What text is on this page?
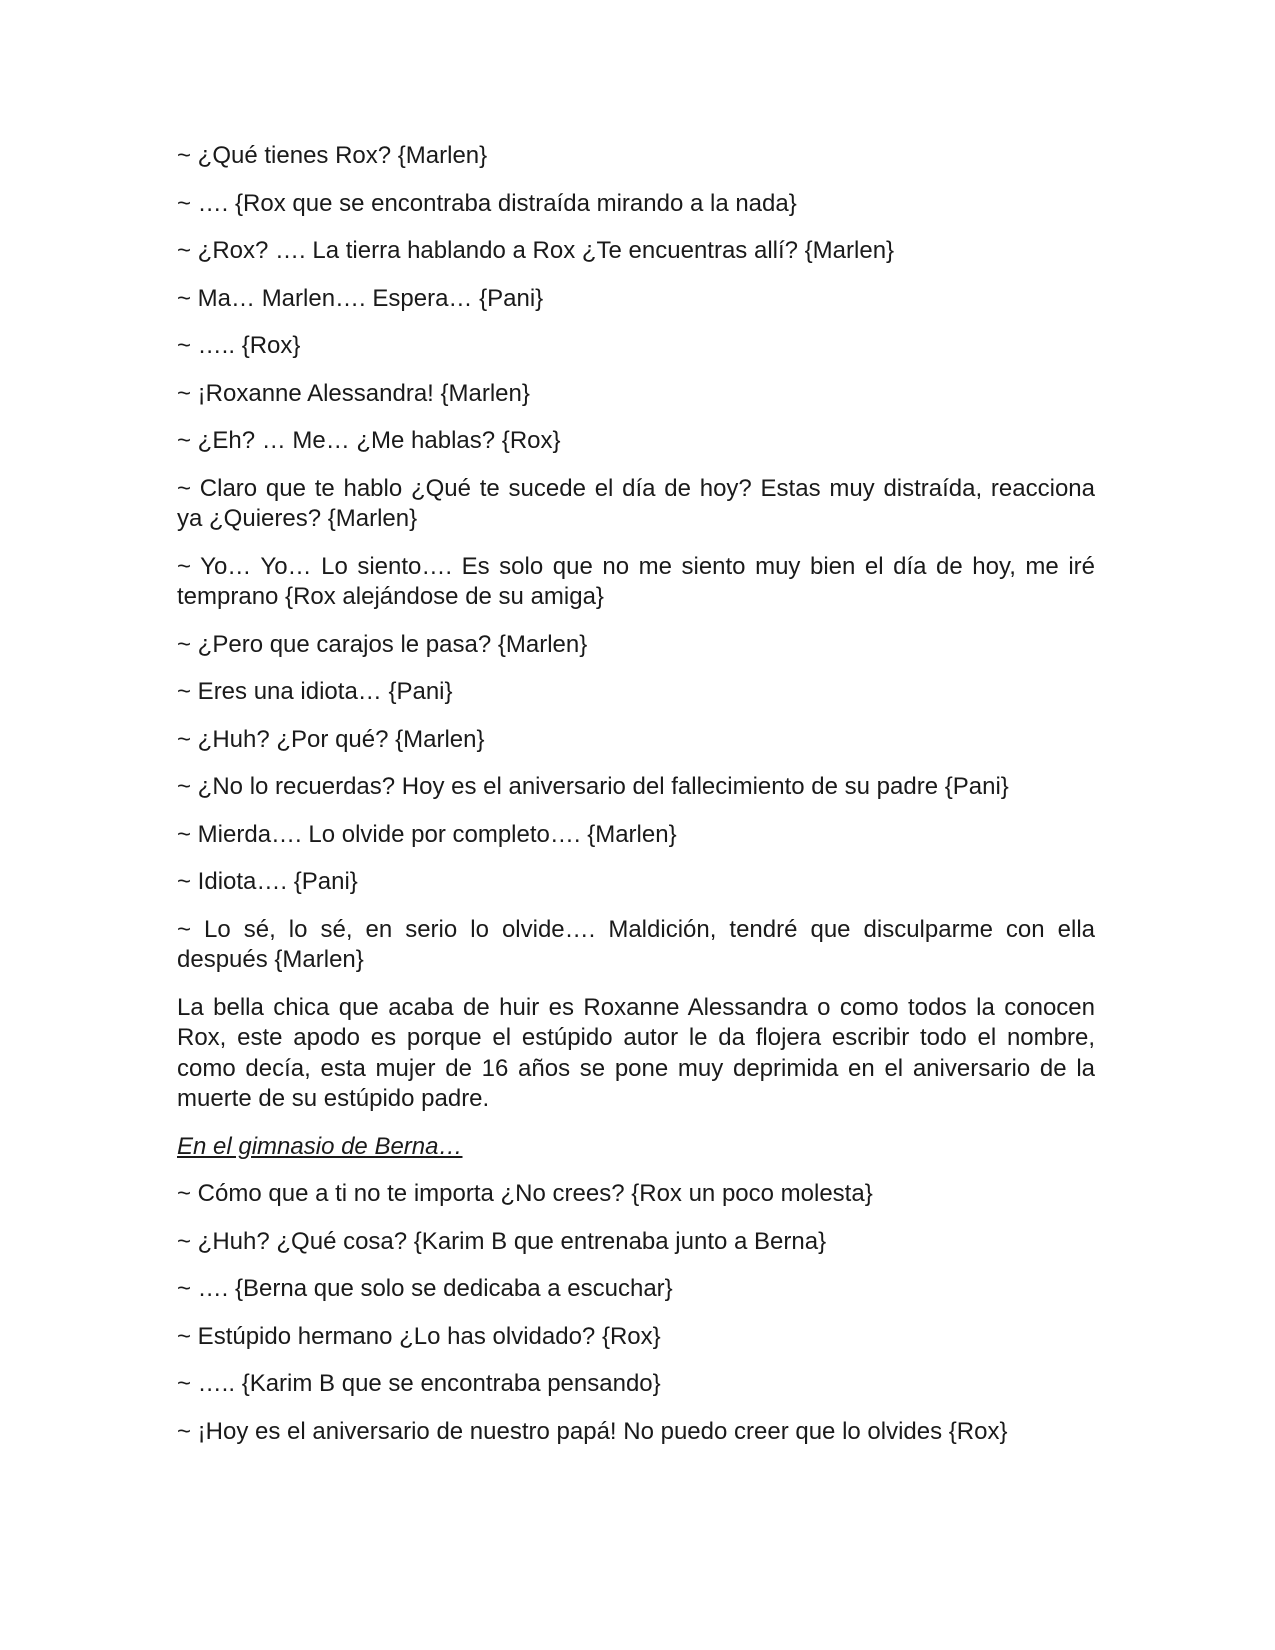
~ ¿Qué tienes Rox? {Marlen}

~ …. {Rox que se encontraba distraída mirando a la nada}

~ ¿Rox? …. La tierra hablando a Rox ¿Te encuentras allí? {Marlen}

~ Ma… Marlen…. Espera… {Pani}

~ ….. {Rox}

~ ¡Roxanne Alessandra! {Marlen}

~ ¿Eh? … Me… ¿Me hablas? {Rox}

~ Claro que te hablo ¿Qué te sucede el día de hoy? Estas muy distraída, reacciona ya ¿Quieres? {Marlen}

~ Yo… Yo… Lo siento…. Es solo que no me siento muy bien el día de hoy, me iré temprano {Rox alejándose de su amiga}

~ ¿Pero que carajos le pasa? {Marlen}

~ Eres una idiota… {Pani}

~ ¿Huh? ¿Por qué? {Marlen}

~ ¿No lo recuerdas? Hoy es el aniversario del fallecimiento de su padre {Pani}

~ Mierda…. Lo olvide por completo…. {Marlen}

~ Idiota…. {Pani}

~ Lo sé, lo sé, en serio lo olvide…. Maldición, tendré que disculparme con ella después {Marlen}

La bella chica que acaba de huir es Roxanne Alessandra o como todos la conocen Rox, este apodo es porque el estúpido autor le da flojera escribir todo el nombre, como decía, esta mujer de 16 años se pone muy deprimida en el aniversario de la muerte de su estúpido padre.

En el gimnasio de Berna…

~ Cómo que a ti no te importa ¿No crees? {Rox un poco molesta}

~ ¿Huh? ¿Qué cosa? {Karim B que entrenaba junto a Berna}

~ …. {Berna que solo se dedicaba a escuchar}

~ Estúpido hermano ¿Lo has olvidado? {Rox}

~ ….. {Karim B que se encontraba pensando}

~ ¡Hoy es el aniversario de nuestro papá! No puedo creer que lo olvides {Rox}
